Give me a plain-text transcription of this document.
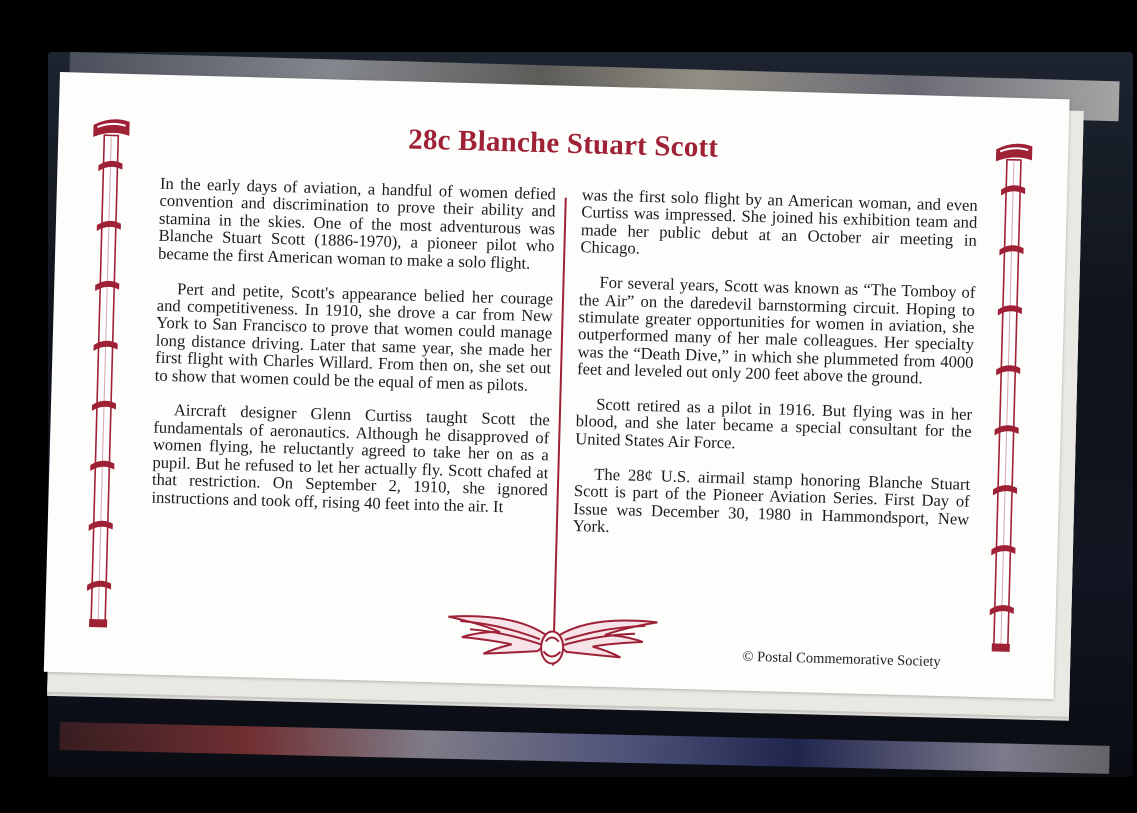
28c Blanche Stuart Scott

In the early days of aviation, a handful of women defied convention and discrimination to prove their ability and stamina in the skies. One of the most adventurous was Blanche Stuart Scott (1886-1970), a pioneer pilot who became the first American woman to make a solo flight.

Pert and petite, Scott's appearance belied her courage and competitiveness. In 1910, she drove a car from New York to San Francisco to prove that women could manage long distance driving. Later that same year, she made her first flight with Charles Willard. From then on, she set out to show that women could be the equal of men as pilots.

Aircraft designer Glenn Curtiss taught Scott the fundamentals of aeronautics. Although he disapproved of women flying, he reluctantly agreed to take her on as a pupil. But he refused to let her actually fly. Scott chafed at that restriction. On September 2, 1910, she ignored instructions and took off, rising 40 feet into the air. It

was the first solo flight by an American woman, and even Curtiss was impressed. She joined his exhibition team and made her public debut at an October air meeting in Chicago.

For several years, Scott was known as “The Tomboy of the Air” on the daredevil barnstorming circuit. Hoping to stimulate greater opportunities for women in aviation, she outperformed many of her male colleagues. Her specialty was the “Death Dive,” in which she plummeted from 4000 feet and leveled out only 200 feet above the ground.

Scott retired as a pilot in 1916. But flying was in her blood, and she later became a special consultant for the United States Air Force.

The 28¢ U.S. airmail stamp honoring Blanche Stuart Scott is part of the Pioneer Aviation Series. First Day of Issue was December 30, 1980 in Hammondsport, New York.

© Postal Commemorative Society
